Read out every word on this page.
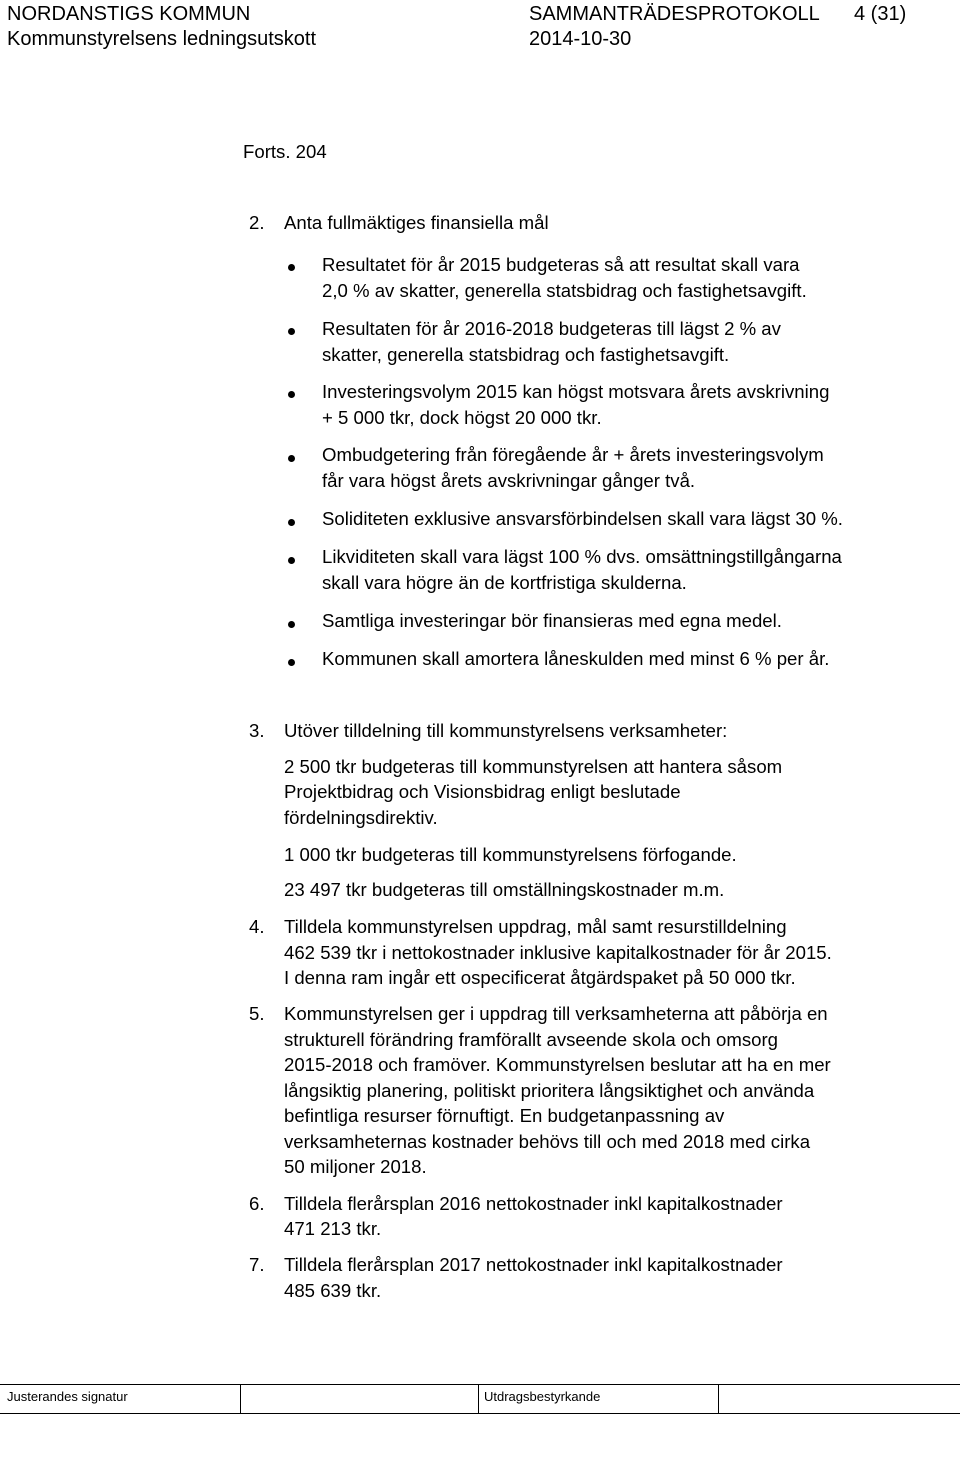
NORDANSTIGS KOMMUN
Kommunstyrelsens ledningsutskott
SAMMANTRÄDESPROTOKOLL 4 (31)
2014-10-30
Forts. 204
2. Anta fullmäktiges finansiella mål
Resultatet för år 2015 budgeteras så att resultat skall vara
2,0 % av skatter, generella statsbidrag och fastighetsavgift.
Resultaten för år 2016-2018 budgeteras till lägst 2 % av
skatter, generella statsbidrag och fastighetsavgift.
Investeringsvolym 2015 kan högst motsvara årets avskrivning
+ 5 000 tkr, dock högst 20 000 tkr.
Ombudgetering från föregående år + årets investeringsvolym
får vara högst årets avskrivningar gånger två.
Soliditeten exklusive ansvarsförbindelsen skall vara lägst 30 %.
Likviditeten skall vara lägst 100 % dvs. omsättningstillgångarna
skall vara högre än de kortfristiga skulderna.
Samtliga investeringar bör finansieras med egna medel.
Kommunen skall amortera låneskulden med minst 6 % per år.
3. Utöver tilldelning till kommunstyrelsens verksamheter:
2 500 tkr budgeteras till kommunstyrelsen att hantera såsom
Projektbidrag och Visionsbidrag enligt beslutade
fördelningsdirektiv.
1 000 tkr budgeteras till kommunstyrelsens förfogande.
23 497 tkr budgeteras till omställningskostnader m.m.
4. Tilldela kommunstyrelsen uppdrag, mål samt resurstilldelning
462 539 tkr i nettokostnader inklusive kapitalkostnader för år 2015.
I denna ram ingår ett ospecificerat åtgärdspaket på 50 000 tkr.
5. Kommunstyrelsen ger i uppdrag till verksamheterna att påbörja en
strukturell förändring framförallt avseende skola och omsorg
2015-2018 och framöver. Kommunstyrelsen beslutar att ha en mer
långsiktig planering, politiskt prioritera långsiktighet och använda
befintliga resurser förnuftigt. En budgetanpassning av
verksamheternas kostnader behövs till och med 2018 med cirka
50 miljoner 2018.
6. Tilldela flerårsplan 2016 nettokostnader inkl kapitalkostnader
471 213 tkr.
7. Tilldela flerårsplan 2017 nettokostnader inkl kapitalkostnader
485 639 tkr.
Justerandes signatur	Utdragsbestyrkande
